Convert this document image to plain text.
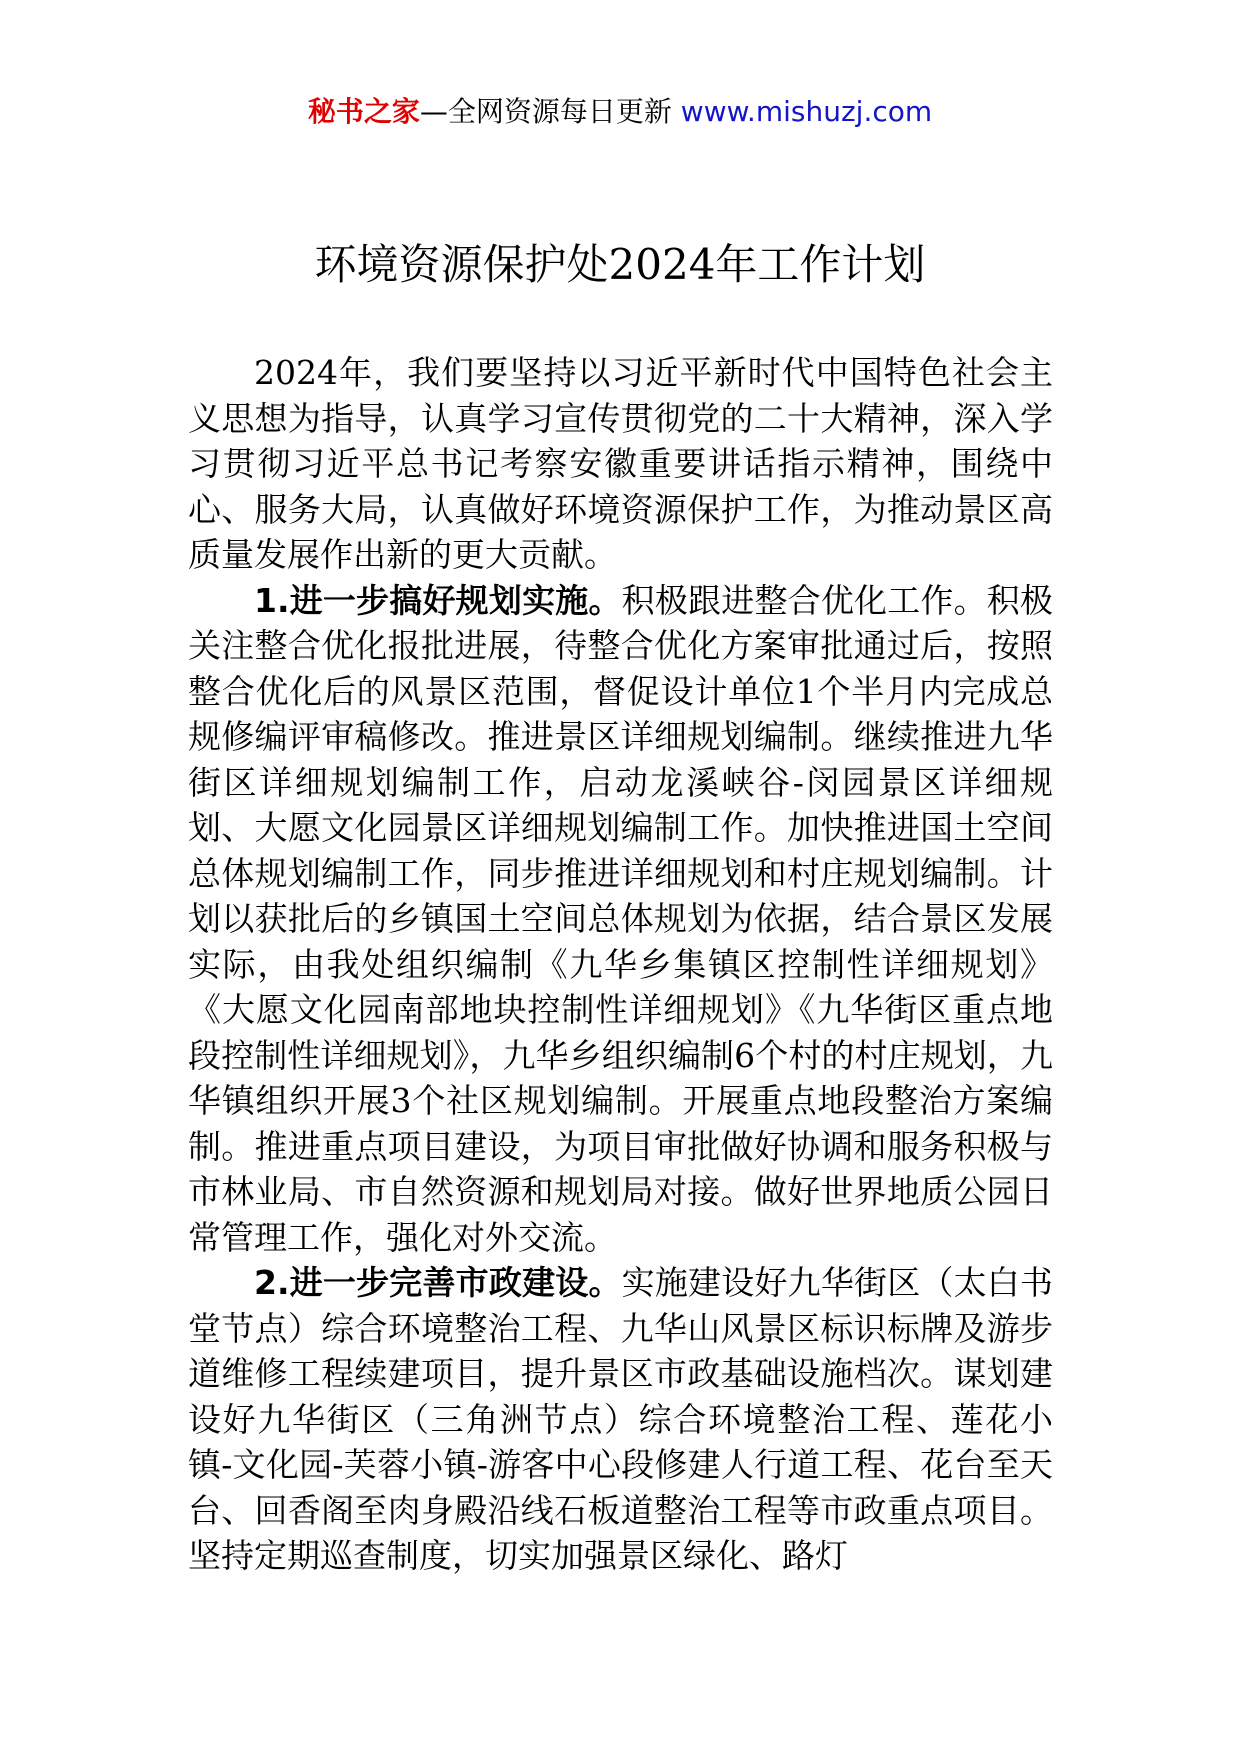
秘书之家—全网资源每日更新 www.mishuzj.com
环境资源保护处2024年工作计划

2024年，我们要坚持以习近平新时代中国特色社会主义思想为指导，认真学习宣传贯彻党的二十大精神，深入学习贯彻习近平总书记考察安徽重要讲话指示精神，围绕中心、服务大局，认真做好环境资源保护工作，为推动景区高质量发展作出新的更大贡献。

1.进一步搞好规划实施。积极跟进整合优化工作。积极关注整合优化报批进展，待整合优化方案审批通过后，按照整合优化后的风景区范围，督促设计单位1个半月内完成总规修编评审稿修改。推进景区详细规划编制。继续推进九华街区详细规划编制工作，启动龙溪峡谷-闵园景区详细规划、大愿文化园景区详细规划编制工作。加快推进国土空间总体规划编制工作，同步推进详细规划和村庄规划编制。计划以获批后的乡镇国土空间总体规划为依据，结合景区发展实际，由我处组织编制《九华乡集镇区控制性详细规划》《大愿文化园南部地块控制性详细规划》《九华街区重点地段控制性详细规划》，九华乡组织编制6个村的村庄规划，九华镇组织开展3个社区规划编制。开展重点地段整治方案编制。推进重点项目建设，为项目审批做好协调和服务积极与市林业局、市自然资源和规划局对接。做好世界地质公园日常管理工作，强化对外交流。

2.进一步完善市政建设。实施建设好九华街区（太白书堂节点）综合环境整治工程、九华山风景区标识标牌及游步道维修工程续建项目，提升景区市政基础设施档次。谋划建设好九华街区（三角洲节点）综合环境整治工程、莲花小镇-文化园-芙蓉小镇-游客中心段修建人行道工程、花台至天台、回香阁至肉身殿沿线石板道整治工程等市政重点项目。坚持定期巡查制度，切实加强景区绿化、路灯
